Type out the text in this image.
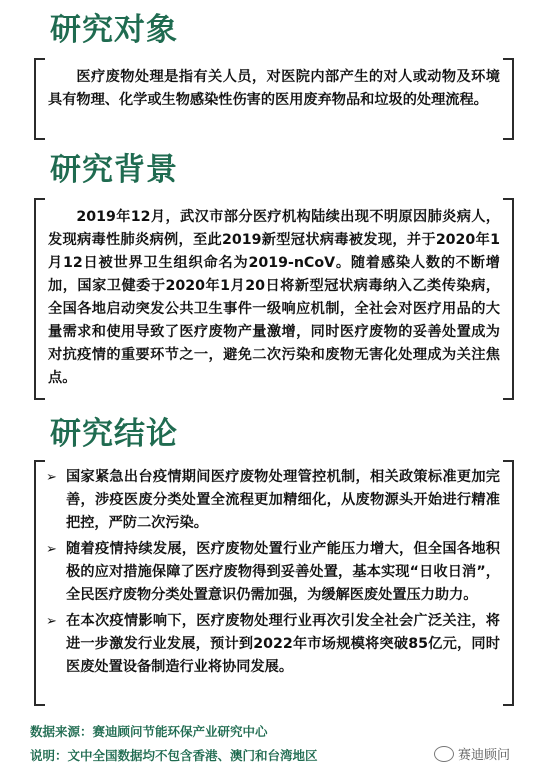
研究对象
医疗废物处理是指有关人员，对医院内部产生的对人或动物及环境具有物理、化学或生物感染性伤害的医用废弃物品和垃圾的处理流程。
研究背景
2019年12月，武汉市部分医疗机构陆续出现不明原因肺炎病人，发现病毒性肺炎病例，至此2019新型冠状病毒被发现，并于2020年1月12日被世界卫生组织命名为2019-nCoV。随着感染人数的不断增加，国家卫健委于2020年1月20日将新型冠状病毒纳入乙类传染病，全国各地启动突发公共卫生事件一级响应机制，全社会对医疗用品的大量需求和使用导致了医疗废物产量激增，同时医疗废物的妥善处置成为对抗疫情的重要环节之一，避免二次污染和废物无害化处理成为关注焦点。
研究结论
➢ 国家紧急出台疫情期间医疗废物处理管控机制，相关政策标准更加完善，涉疫医废分类处置全流程更加精细化，从废物源头开始进行精准把控，严防二次污染。
➢ 随着疫情持续发展，医疗废物处置行业产能压力增大，但全国各地积极的应对措施保障了医疗废物得到妥善处置，基本实现“日收日消”，全民医疗废物分类处置意识仍需加强，为缓解医废处置压力助力。
➢ 在本次疫情影响下，医疗废物处理行业再次引发全社会广泛关注，将进一步激发行业发展，预计到2022年市场规模将突破85亿元，同时医废处置设备制造行业将协同发展。
数据来源：赛迪顾问节能环保产业研究中心
说明：文中全国数据均不包含香港、澳门和台湾地区	赛迪顾问
